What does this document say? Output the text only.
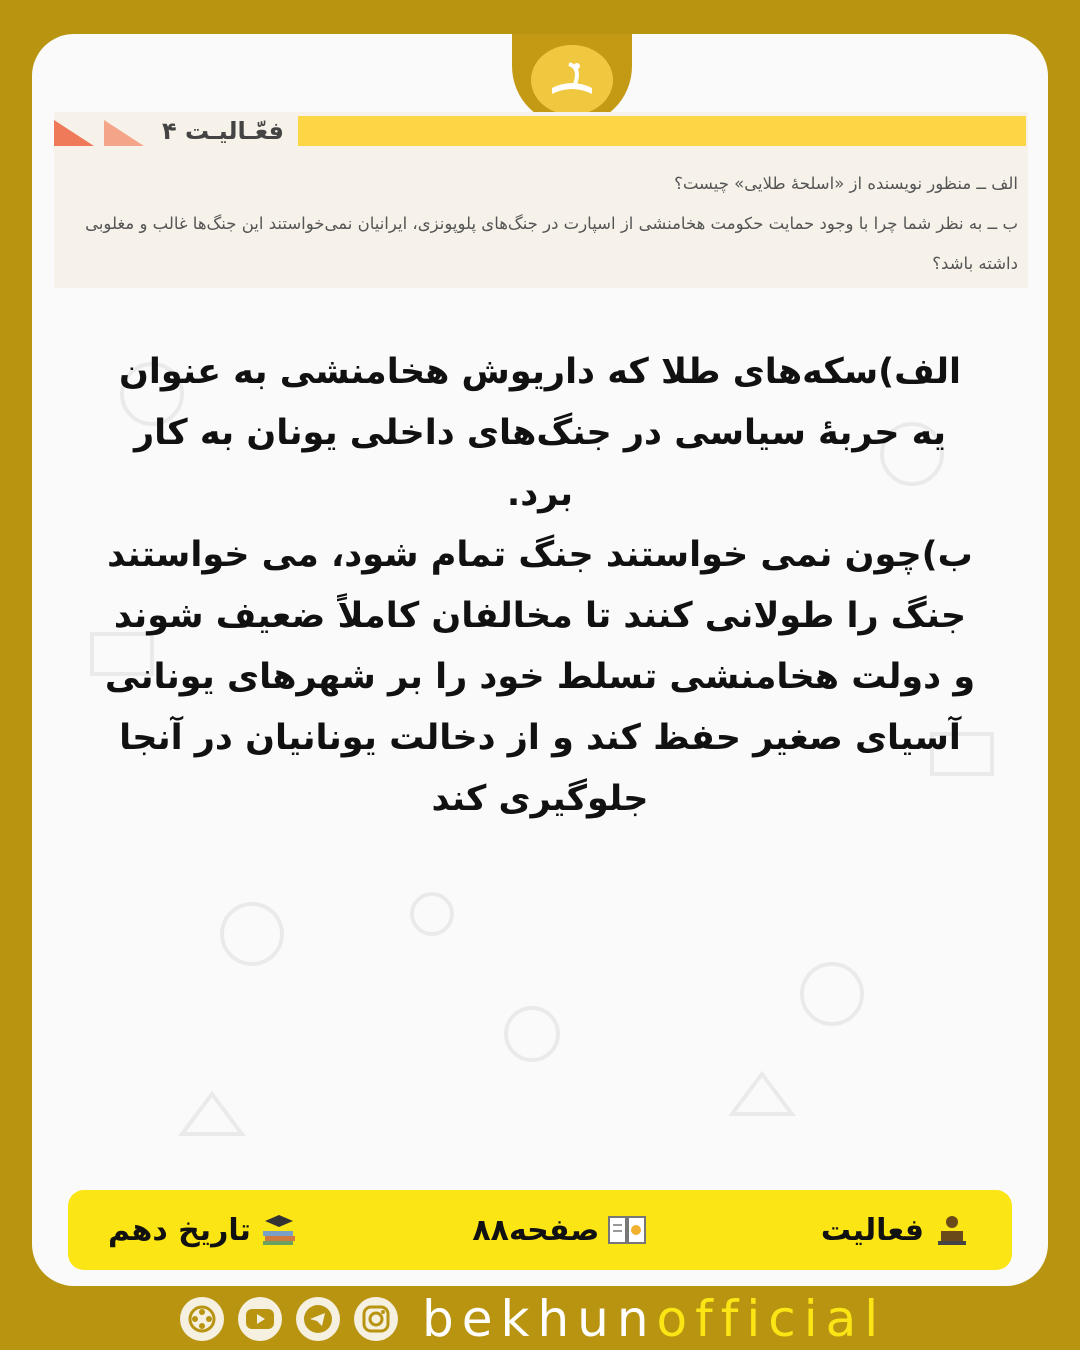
فعّـالیـت ۴
الف ــ منظور نویسنده از «اسلحهٔ طلایی» چیست؟
ب ــ به نظر شما چرا با وجود حمایت حکومت هخامنشی از اسپارت در جنگ‌های پلوپونزی، ایرانیان نمی‌خواستند این جنگ‌ها غالب و مغلوبی داشته باشد؟
الف)سکه‌های طلا که داریوش هخامنشی به عنوان یه حربهٔ سیاسی در جنگ‌های داخلی یونان به کار برد.
ب)چون نمی خواستند جنگ تمام شود، می خواستند جنگ را طولانی کنند تا مخالفان کاملاً ضعیف شوند و دولت هخامنشی تسلط خود را بر شهرهای یونانی آسیای صغیر حفظ کند و از دخالت یونانیان در آنجا جلوگیری کند
فعالیت
صفحه۸۸
تاریخ دهم
bekhunofficial
